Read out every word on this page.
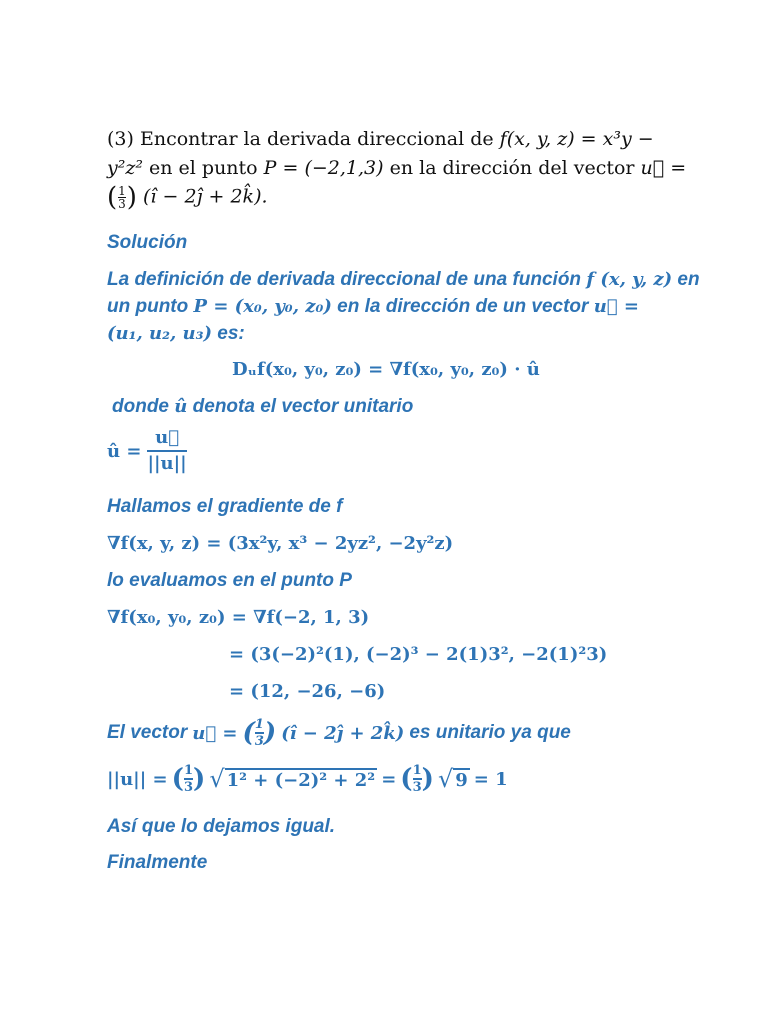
(3) Encontrar la derivada direccional de f(x, y, z) = x³y −
y²z² en el punto P = (−2,1,3) en la dirección del vector u⃗ =
( $\frac{1}{3}$ ) (î − 2ĵ + 2k̂).
Solución
La definición de derivada direccional de una función f (x, y, z) en
un punto P = (x₀, y₀, z₀) en la dirección de un vector u⃗ =
(u₁, u₂, u₃) es:
Dᵤf(x₀, y₀, z₀) = ∇f(x₀, y₀, z₀) · û
donde û denota el vector unitario
û = $\frac{u⃗}{||u||}$
Hallamos el gradiente de f
∇f(x, y, z) = (3x²y, x³ − 2yz², −2y²z)
lo evaluamos en el punto P
∇f(x₀, y₀, z₀) = ∇f(−2, 1, 3)
= (3(−2)²(1), (−2)³ − 2(1)3², −2(1)²3)
= (12, −26, −6)
El vector u⃗ = ( $\frac{1}{3}$ ) (î − 2ĵ + 2k̂) es unitario ya que
||u|| = ( $\frac{1}{3}$ ) √ 1² + (−2)² + 2² = ( $\frac{1}{3}$ ) √ 9 = 1
Así que lo dejamos igual.
Finalmente
